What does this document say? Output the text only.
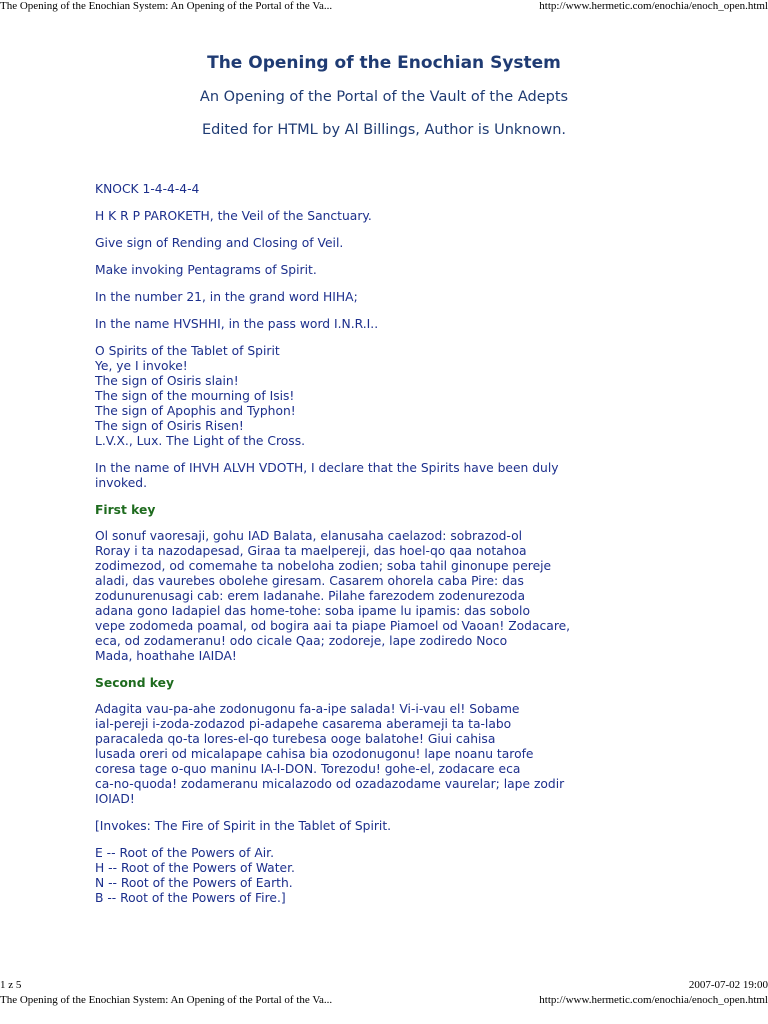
The Opening of the Enochian System: An Opening of the Portal of the Va...	http://www.hermetic.com/enochia/enoch_open.html
The Opening of the Enochian System
An Opening of the Portal of the Vault of the Adepts
Edited for HTML by Al Billings, Author is Unknown.

KNOCK 1-4-4-4-4

H K R P PAROKETH, the Veil of the Sanctuary.

Give sign of Rending and Closing of Veil.

Make invoking Pentagrams of Spirit.

In the number 21, in the grand word HIHA;

In the name HVSHHI, in the pass word I.N.R.I..

O Spirits of the Tablet of Spirit
Ye, ye I invoke!
The sign of Osiris slain!
The sign of the mourning of Isis!
The sign of Apophis and Typhon!
The sign of Osiris Risen!
L.V.X., Lux. The Light of the Cross.

In the name of IHVH ALVH VDOTH, I declare that the Spirits have been duly
invoked.

First key

Ol sonuf vaoresaji, gohu IAD Balata, elanusaha caelazod: sobrazod-ol
Roray i ta nazodapesad, Giraa ta maelpereji, das hoel-qo qaa notahoa
zodimezod, od comemahe ta nobeloha zodien; soba tahil ginonupe pereje
aladi, das vaurebes obolehe giresam. Casarem ohorela caba Pire: das
zodunurenusagi cab: erem Iadanahe. Pilahe farezodem zodenurezoda
adana gono Iadapiel das home-tohe: soba ipame lu ipamis: das sobolo
vepe zodomeda poamal, od bogira aai ta piape Piamoel od Vaoan! Zodacare,
eca, od zodameranu! odo cicale Qaa; zodoreje, lape zodiredo Noco
Mada, hoathahe IAIDA!

Second key

Adagita vau-pa-ahe zodonugonu fa-a-ipe salada! Vi-i-vau el! Sobame
ial-pereji i-zoda-zodazod pi-adapehe casarema aberameji ta ta-labo
paracaleda qo-ta lores-el-qo turebesa ooge balatohe! Giui cahisa
lusada oreri od micalapape cahisa bia ozodonugonu! lape noanu tarofe
coresa tage o-quo maninu IA-I-DON. Torezodu! gohe-el, zodacare eca
ca-no-quoda! zodameranu micalazodo od ozadazodame vaurelar; lape zodir
IOIAD!

[Invokes: The Fire of Spirit in the Tablet of Spirit.

E -- Root of the Powers of Air.
H -- Root of the Powers of Water.
N -- Root of the Powers of Earth.
B -- Root of the Powers of Fire.]

1 z 5	2007-07-02 19:00
The Opening of the Enochian System: An Opening of the Portal of the Va...	http://www.hermetic.com/enochia/enoch_open.html
